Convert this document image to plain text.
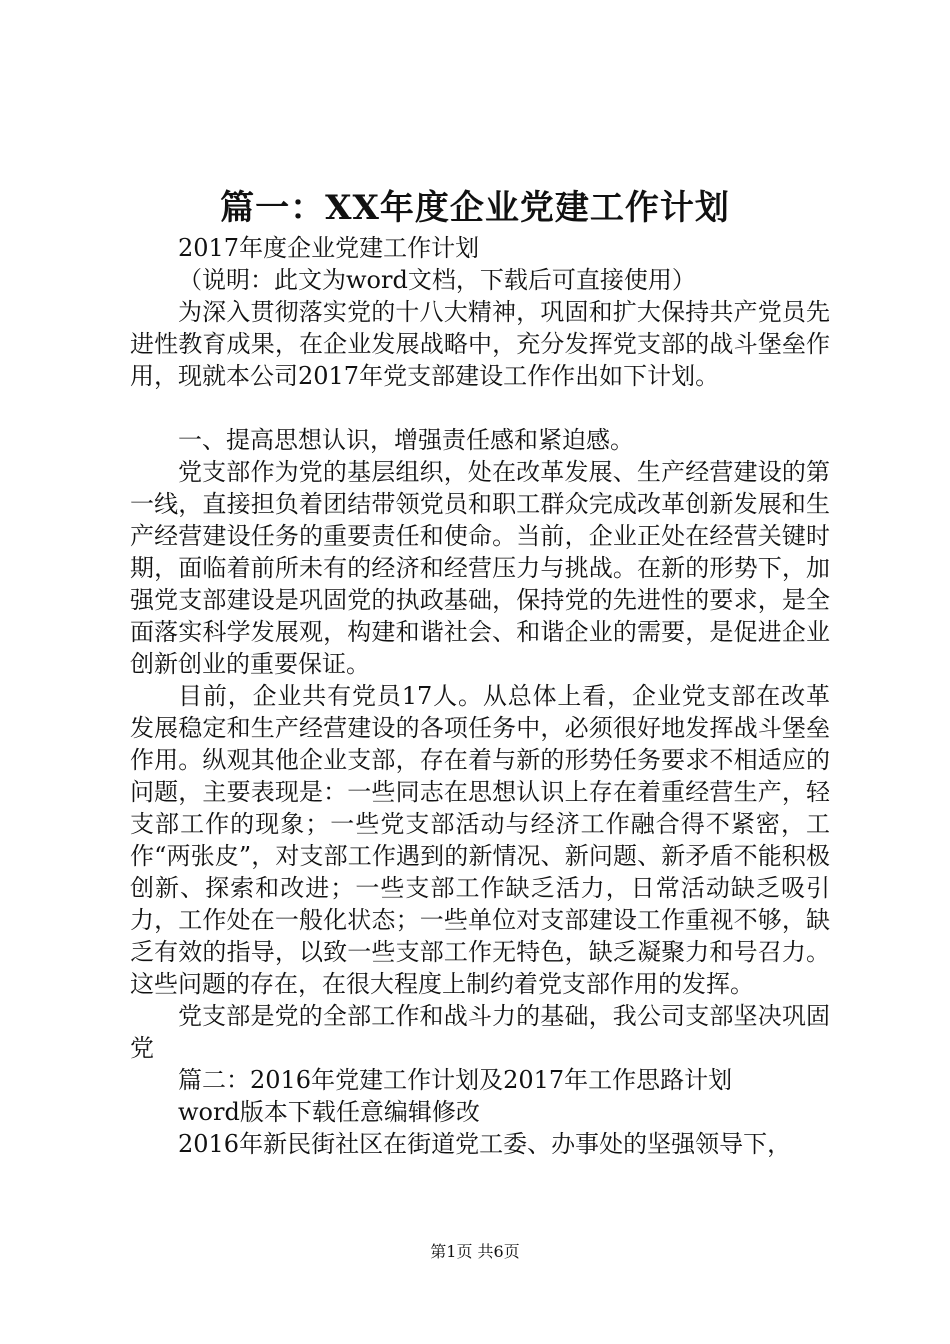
篇一：XX年度企业党建工作计划

2017年度企业党建工作计划

（说明：此文为word文档，下载后可直接使用）

为深入贯彻落实党的十八大精神，巩固和扩大保持共产党员先进性教育成果，在企业发展战略中，充分发挥党支部的战斗堡垒作用，现就本公司2017年党支部建设工作作出如下计划。

一、提高思想认识，增强责任感和紧迫感。

党支部作为党的基层组织，处在改革发展、生产经营建设的第一线，直接担负着团结带领党员和职工群众完成改革创新发展和生产经营建设任务的重要责任和使命。当前，企业正处在经营关键时期，面临着前所未有的经济和经营压力与挑战。在新的形势下，加强党支部建设是巩固党的执政基础，保持党的先进性的要求，是全面落实科学发展观，构建和谐社会、和谐企业的需要，是促进企业创新创业的重要保证。

目前，企业共有党员17人。从总体上看，企业党支部在改革发展稳定和生产经营建设的各项任务中，必须很好地发挥战斗堡垒作用。纵观其他企业支部，存在着与新的形势任务要求不相适应的问题，主要表现是：一些同志在思想认识上存在着重经营生产，轻支部工作的现象；一些党支部活动与经济工作融合得不紧密，工作“两张皮”，对支部工作遇到的新情况、新问题、新矛盾不能积极创新、探索和改进；一些支部工作缺乏活力，日常活动缺乏吸引力，工作处在一般化状态；一些单位对支部建设工作重视不够，缺乏有效的指导，以致一些支部工作无特色，缺乏凝聚力和号召力。这些问题的存在，在很大程度上制约着党支部作用的发挥。

党支部是党的全部工作和战斗力的基础，我公司支部坚决巩固党

篇二：2016年党建工作计划及2017年工作思路计划

word版本下载任意编辑修改

2016年新民街社区在街道党工委、办事处的坚强领导下，

第1页 共6页
